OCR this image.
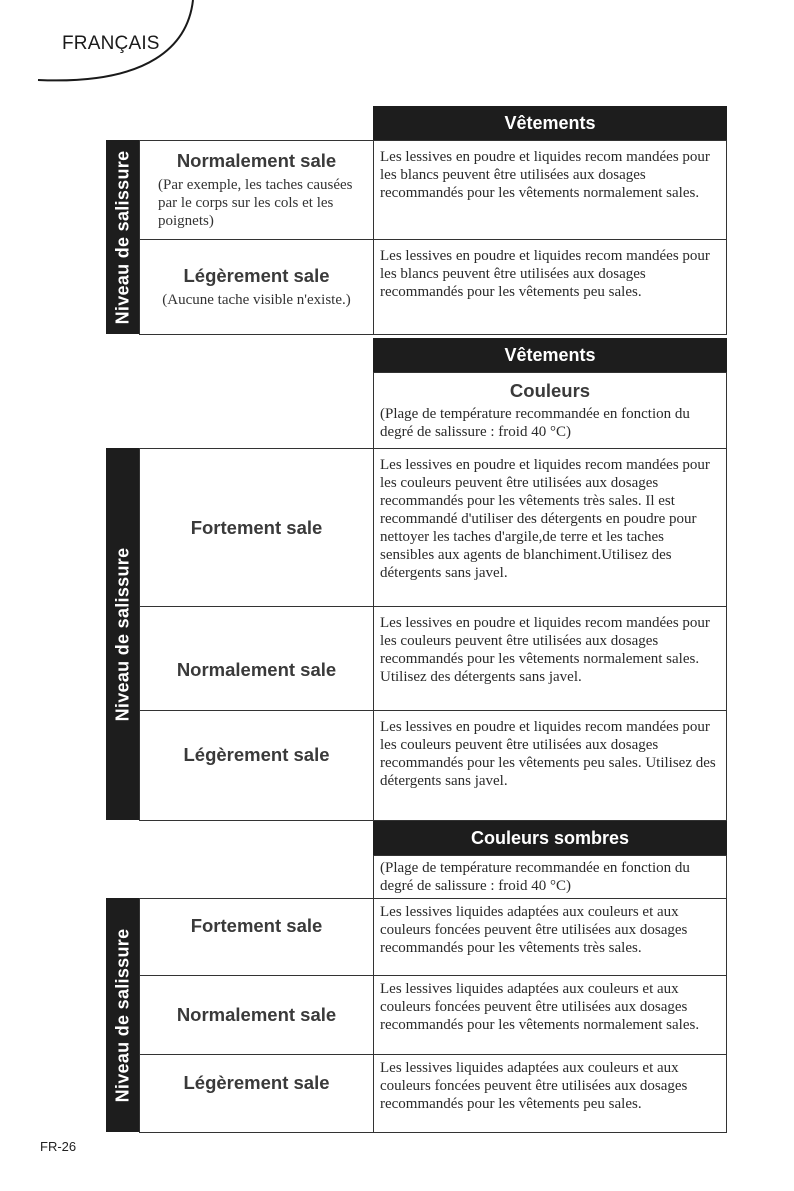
FRANÇAIS
Vêtements
Niveau de salissure Normalement sale
(Par exemple, les taches causées par le corps sur les cols et les poignets)
Les lessives en poudre et liquides recom mandées pour les blancs peuvent être utilisées aux dosages recommandés pour les vêtements normalement sales.
Légèrement sale
(Aucune tache visible n'existe.)
Les lessives en poudre et liquides recom mandées pour les blancs peuvent être utilisées aux dosages recommandés pour les vêtements peu sales.
Vêtements
Couleurs
(Plage de température recommandée en fonction du degré de salissure : froid 40 °C)
Niveau de salissure
Fortement sale
Les lessives en poudre et liquides recom mandées pour les couleurs peuvent être utilisées aux dosages recommandés pour les vêtements très sales. Il est recommandé d'utiliser des détergents en poudre pour nettoyer les taches d'argile,de terre et les taches sensibles aux agents de blanchiment.Utilisez des détergents sans javel.
Normalement sale
Les lessives en poudre et liquides recom mandées pour les couleurs peuvent être utilisées aux dosages recommandés pour les vêtements normalement sales. Utilisez des détergents sans javel.
Légèrement sale
Les lessives en poudre et liquides recom mandées pour les couleurs peuvent être utilisées aux dosages recommandés pour les vêtements peu sales. Utilisez des détergents sans javel.
Couleurs sombres
(Plage de température recommandée en fonction du degré de salissure : froid 40 °C)
Niveau de salissure
Fortement sale
Les lessives liquides adaptées aux couleurs et aux couleurs foncées peuvent être utilisées aux dosages recommandés pour les vêtements très sales.
Normalement sale
Les lessives liquides adaptées aux couleurs et aux couleurs foncées peuvent être utilisées aux dosages recommandés pour les vêtements normalement sales.
Légèrement sale
Les lessives liquides adaptées aux couleurs et aux couleurs foncées peuvent être utilisées aux dosages recommandés pour les vêtements peu sales.
FR-26
